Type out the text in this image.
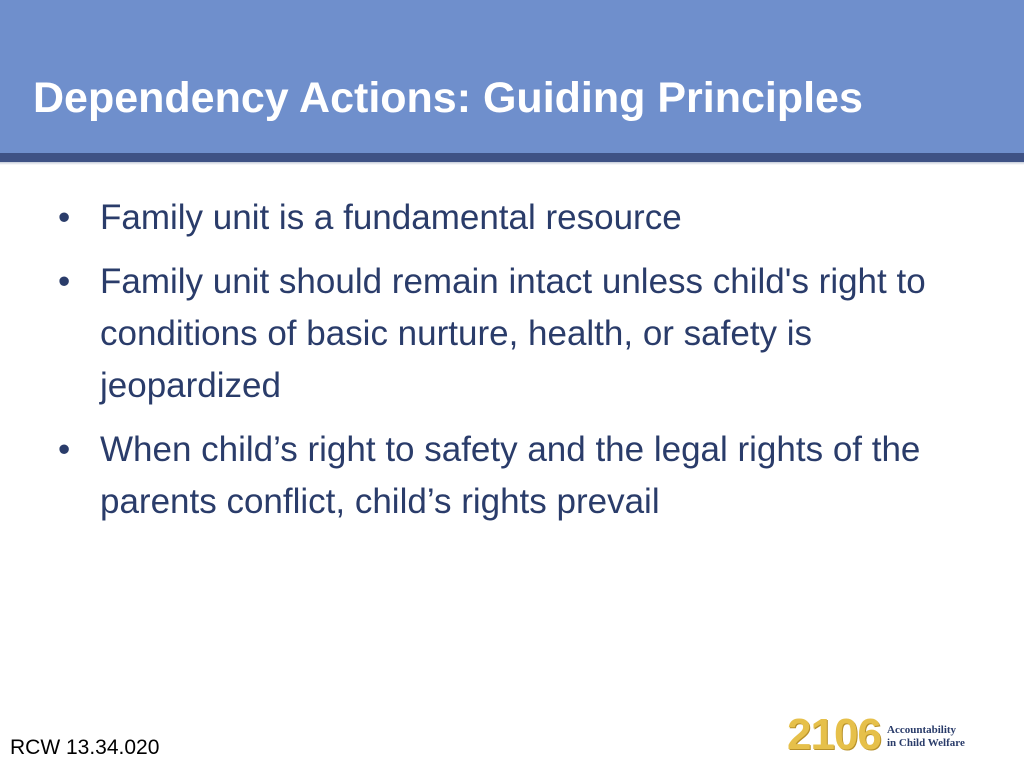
Dependency Actions: Guiding Principles
• Family unit is a fundamental resource
• Family unit should remain intact unless child's right to conditions of basic nurture, health, or safety is jeopardized
• When child’s right to safety and the legal rights of the parents conflict, child’s rights prevail
RCW 13.34.020	2106 Accountability
in Child Welfare
